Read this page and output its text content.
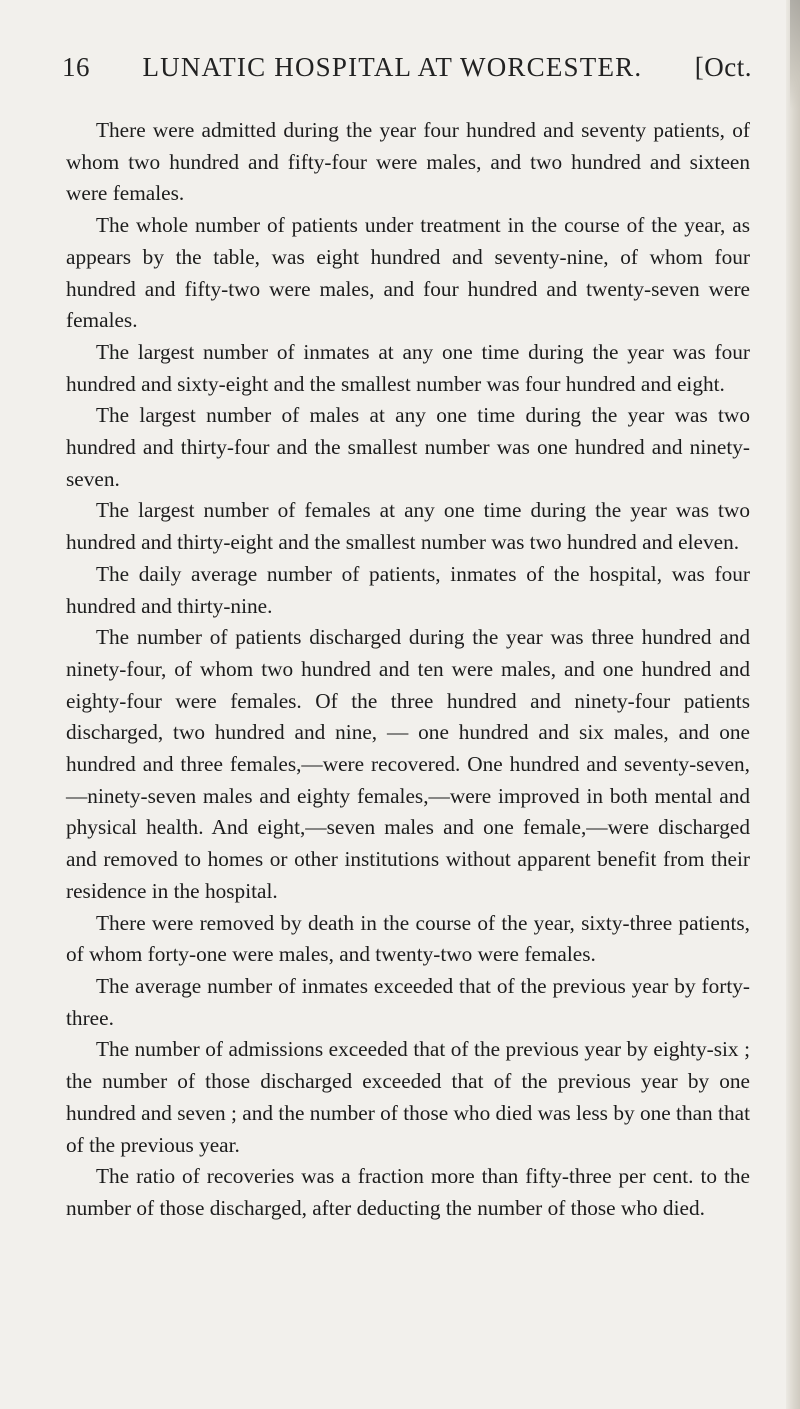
16 LUNATIC HOSPITAL AT WORCESTER. [Oct.

There were admitted during the year four hundred and seventy patients, of whom two hundred and fifty-four were males, and two hundred and sixteen were females.

The whole number of patients under treatment in the course of the year, as appears by the table, was eight hundred and seventy-nine, of whom four hundred and fifty-two were males, and four hundred and twenty-seven were females.

The largest number of inmates at any one time during the year was four hundred and sixty-eight and the smallest number was four hundred and eight.

The largest number of males at any one time during the year was two hundred and thirty-four and the smallest number was one hundred and ninety-seven.

The largest number of females at any one time during the year was two hundred and thirty-eight and the smallest number was two hundred and eleven.

The daily average number of patients, inmates of the hospital, was four hundred and thirty-nine.

The number of patients discharged during the year was three hundred and ninety-four, of whom two hundred and ten were males, and one hundred and eighty-four were females. Of the three hundred and ninety-four patients discharged, two hundred and nine, — one hundred and six males, and one hundred and three females,—were recovered. One hundred and seventy-seven,—ninety-seven males and eighty females,—were improved in both mental and physical health. And eight,—seven males and one female,—were discharged and removed to homes or other institutions without apparent benefit from their residence in the hospital.

There were removed by death in the course of the year, sixty-three patients, of whom forty-one were males, and twenty-two were females.

The average number of inmates exceeded that of the previous year by forty-three.

The number of admissions exceeded that of the previous year by eighty-six ; the number of those discharged exceeded that of the previous year by one hundred and seven ; and the number of those who died was less by one than that of the previous year.

The ratio of recoveries was a fraction more than fifty-three per cent. to the number of those discharged, after deducting the number of those who died.
